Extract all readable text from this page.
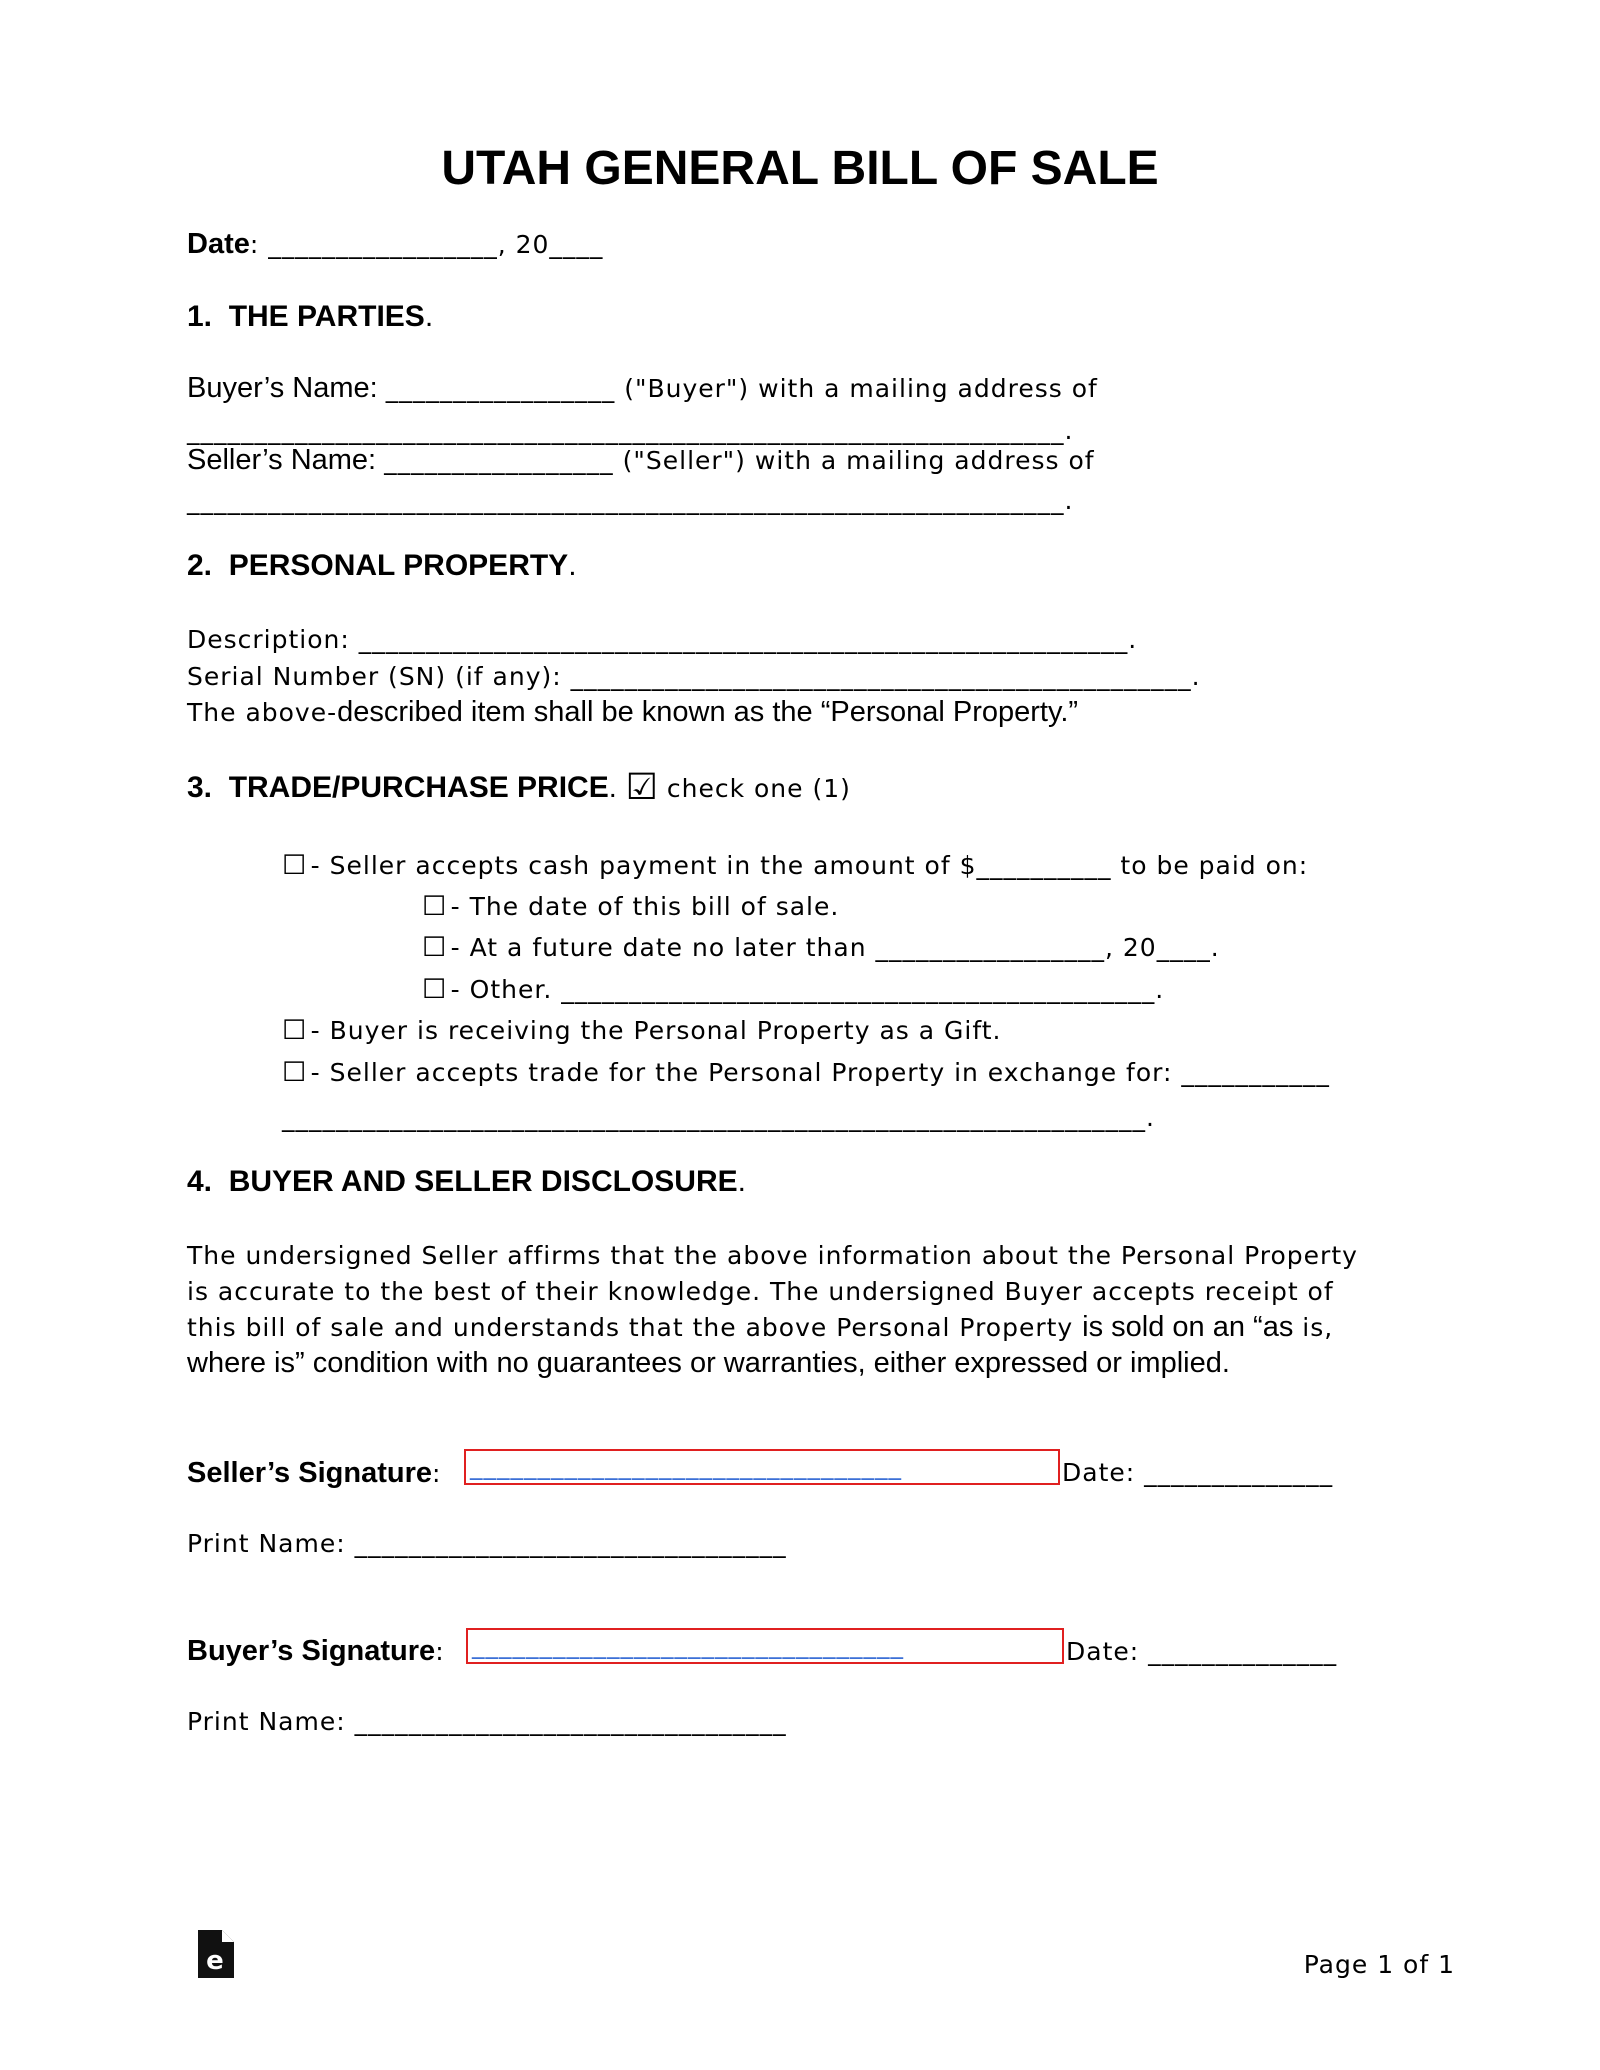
UTAH GENERAL BILL OF SALE
Date: _________________, 20____
1.  THE PARTIES.
Buyer’s Name: _________________ ("Buyer") with a mailing address of
_________________________________________________________________.
Seller’s Name: _________________ ("Seller") with a mailing address of
_________________________________________________________________.
2.  PERSONAL PROPERTY.
Description: _________________________________________________________.
Serial Number (SN) (if any): ______________________________________________.
The above-described item shall be known as the “Personal Property.”
3.  TRADE/PURCHASE PRICE. ☑ check one (1)
☐ - Seller accepts cash payment in the amount of $__________ to be paid on:
☐ - The date of this bill of sale.
☐ - At a future date no later than _________________, 20____.
☐ - Other. ____________________________________________.
☐ - Buyer is receiving the Personal Property as a Gift.
☐ - Seller accepts trade for the Personal Property in exchange for: ___________
________________________________________________________________.
4.  BUYER AND SELLER DISCLOSURE.
The undersigned Seller affirms that the above information about the Personal Property
is accurate to the best of their knowledge. The undersigned Buyer accepts receipt of
this bill of sale and understands that the above Personal Property is sold on an “as is,
where is” condition with no guarantees or warranties, either expressed or implied.
Seller’s Signature: ________________________________	Date: ______________
Print Name: ________________________________
Buyer’s Signature: ________________________________	Date: ______________
Print Name: ________________________________
e	Page 1 of 1
